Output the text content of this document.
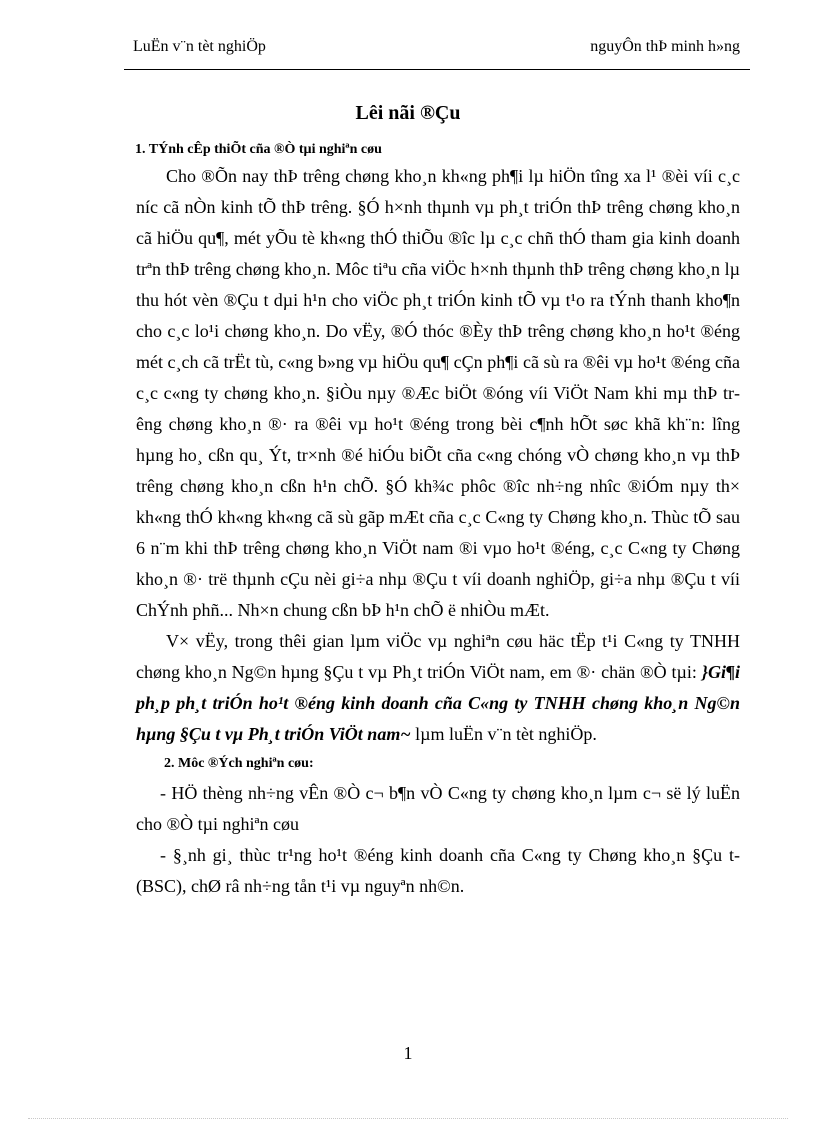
LuËn v¨n tèt nghiÖp	nguyÔn thÞ minh h»ng
Lêi nãi ®Çu
1. TÝnh cÊp thiÕt cña ®Ò tµi nghiªn cøu

Cho ®Õn nay thÞ trêng chøng kho¸n kh«ng ph¶i lµ hiÖn tîng xa l¹ ®èi víi c¸c níc cã nÒn kinh tÕ thÞ trêng. §Ó h×nh thµnh vµ ph¸t triÓn thÞ trêng chøng kho¸n cã hiÖu qu¶, mét yÕu tè kh«ng thÓ thiÕu ®îc lµ c¸c chñ thÓ tham gia kinh doanh trªn thÞ trêng chøng kho¸n. Môc tiªu cña viÖc h×nh thµnh thÞ trêng chøng kho¸n lµ thu hót vèn ®Çu t dµi h¹n cho viÖc ph¸t triÓn kinh tÕ vµ t¹o ra tÝnh thanh kho¶n cho c¸c lo¹i chøng kho¸n. Do vËy, ®Ó thóc ®Èy thÞ trêng chøng kho¸n ho¹t ®éng mét c¸ch cã trËt tù, c«ng b»ng vµ hiÖu qu¶ cÇn ph¶i cã sù ra ®êi vµ ho¹t ®éng cña c¸c c«ng ty chøng kho¸n. §iÒu nµy ®Æc biÖt ®óng víi ViÖt Nam khi mµ thÞ trêng chøng kho¸n ®· ra ®êi vµ ho¹t ®éng trong bèi c¶nh hÕt søc khã kh¨n: lîng hµng ho¸ cßn qu¸ Ýt, tr×nh ®é hiÓu biÕt cña c«ng chóng vÒ chøng kho¸n vµ thÞ trêng chøng kho¸n cßn h¹n chÕ. §Ó kh¾c phôc ®îc nh÷ng nhîc ®iÓm nµy th× kh«ng thÓ kh«ng kh«ng cã sù gãp mÆt cña c¸c C«ng ty Chøng kho¸n. Thùc tÕ sau 6 n¨m khi thÞ trêng chøng kho¸n ViÖt nam ®i vµo ho¹t ®éng, c¸c C«ng ty Chøng kho¸n ®· trë thµnh cÇu nèi gi÷a nhµ ®Çu t víi doanh nghiÖp, gi÷a nhµ ®Çu t víi ChÝnh phñ... Nh×n chung cßn bÞ h¹n chÕ ë nhiÒu mÆt.

V× vËy, trong thêi gian lµm viÖc vµ nghiªn cøu häc tËp t¹i C«ng ty TNHH chøng kho¸n Ng©n hµng §Çu t vµ Ph¸t triÓn ViÖt nam, em ®· chän ®Ò tµi: }Gi¶i ph¸p ph¸t triÓn ho¹t ®éng kinh doanh cña C«ng ty TNHH chøng kho¸n Ng©n hµng §Çu t vµ Ph¸t triÓn ViÖt nam~ lµm luËn v¨n tèt nghiÖp.

2. Môc ®Ých nghiªn cøu:

- HÖ thèng nh÷ng vÊn ®Ò c¬ b¶n vÒ C«ng ty chøng kho¸n lµm c¬ së lý luËn cho ®Ò tµi nghiªn cøu

- §¸nh gi¸ thùc tr¹ng ho¹t ®éng kinh doanh cña C«ng ty Chøng kho¸n §Çu t (BSC), chØ râ nh÷ng tån t¹i vµ nguyªn nh©n.

1
